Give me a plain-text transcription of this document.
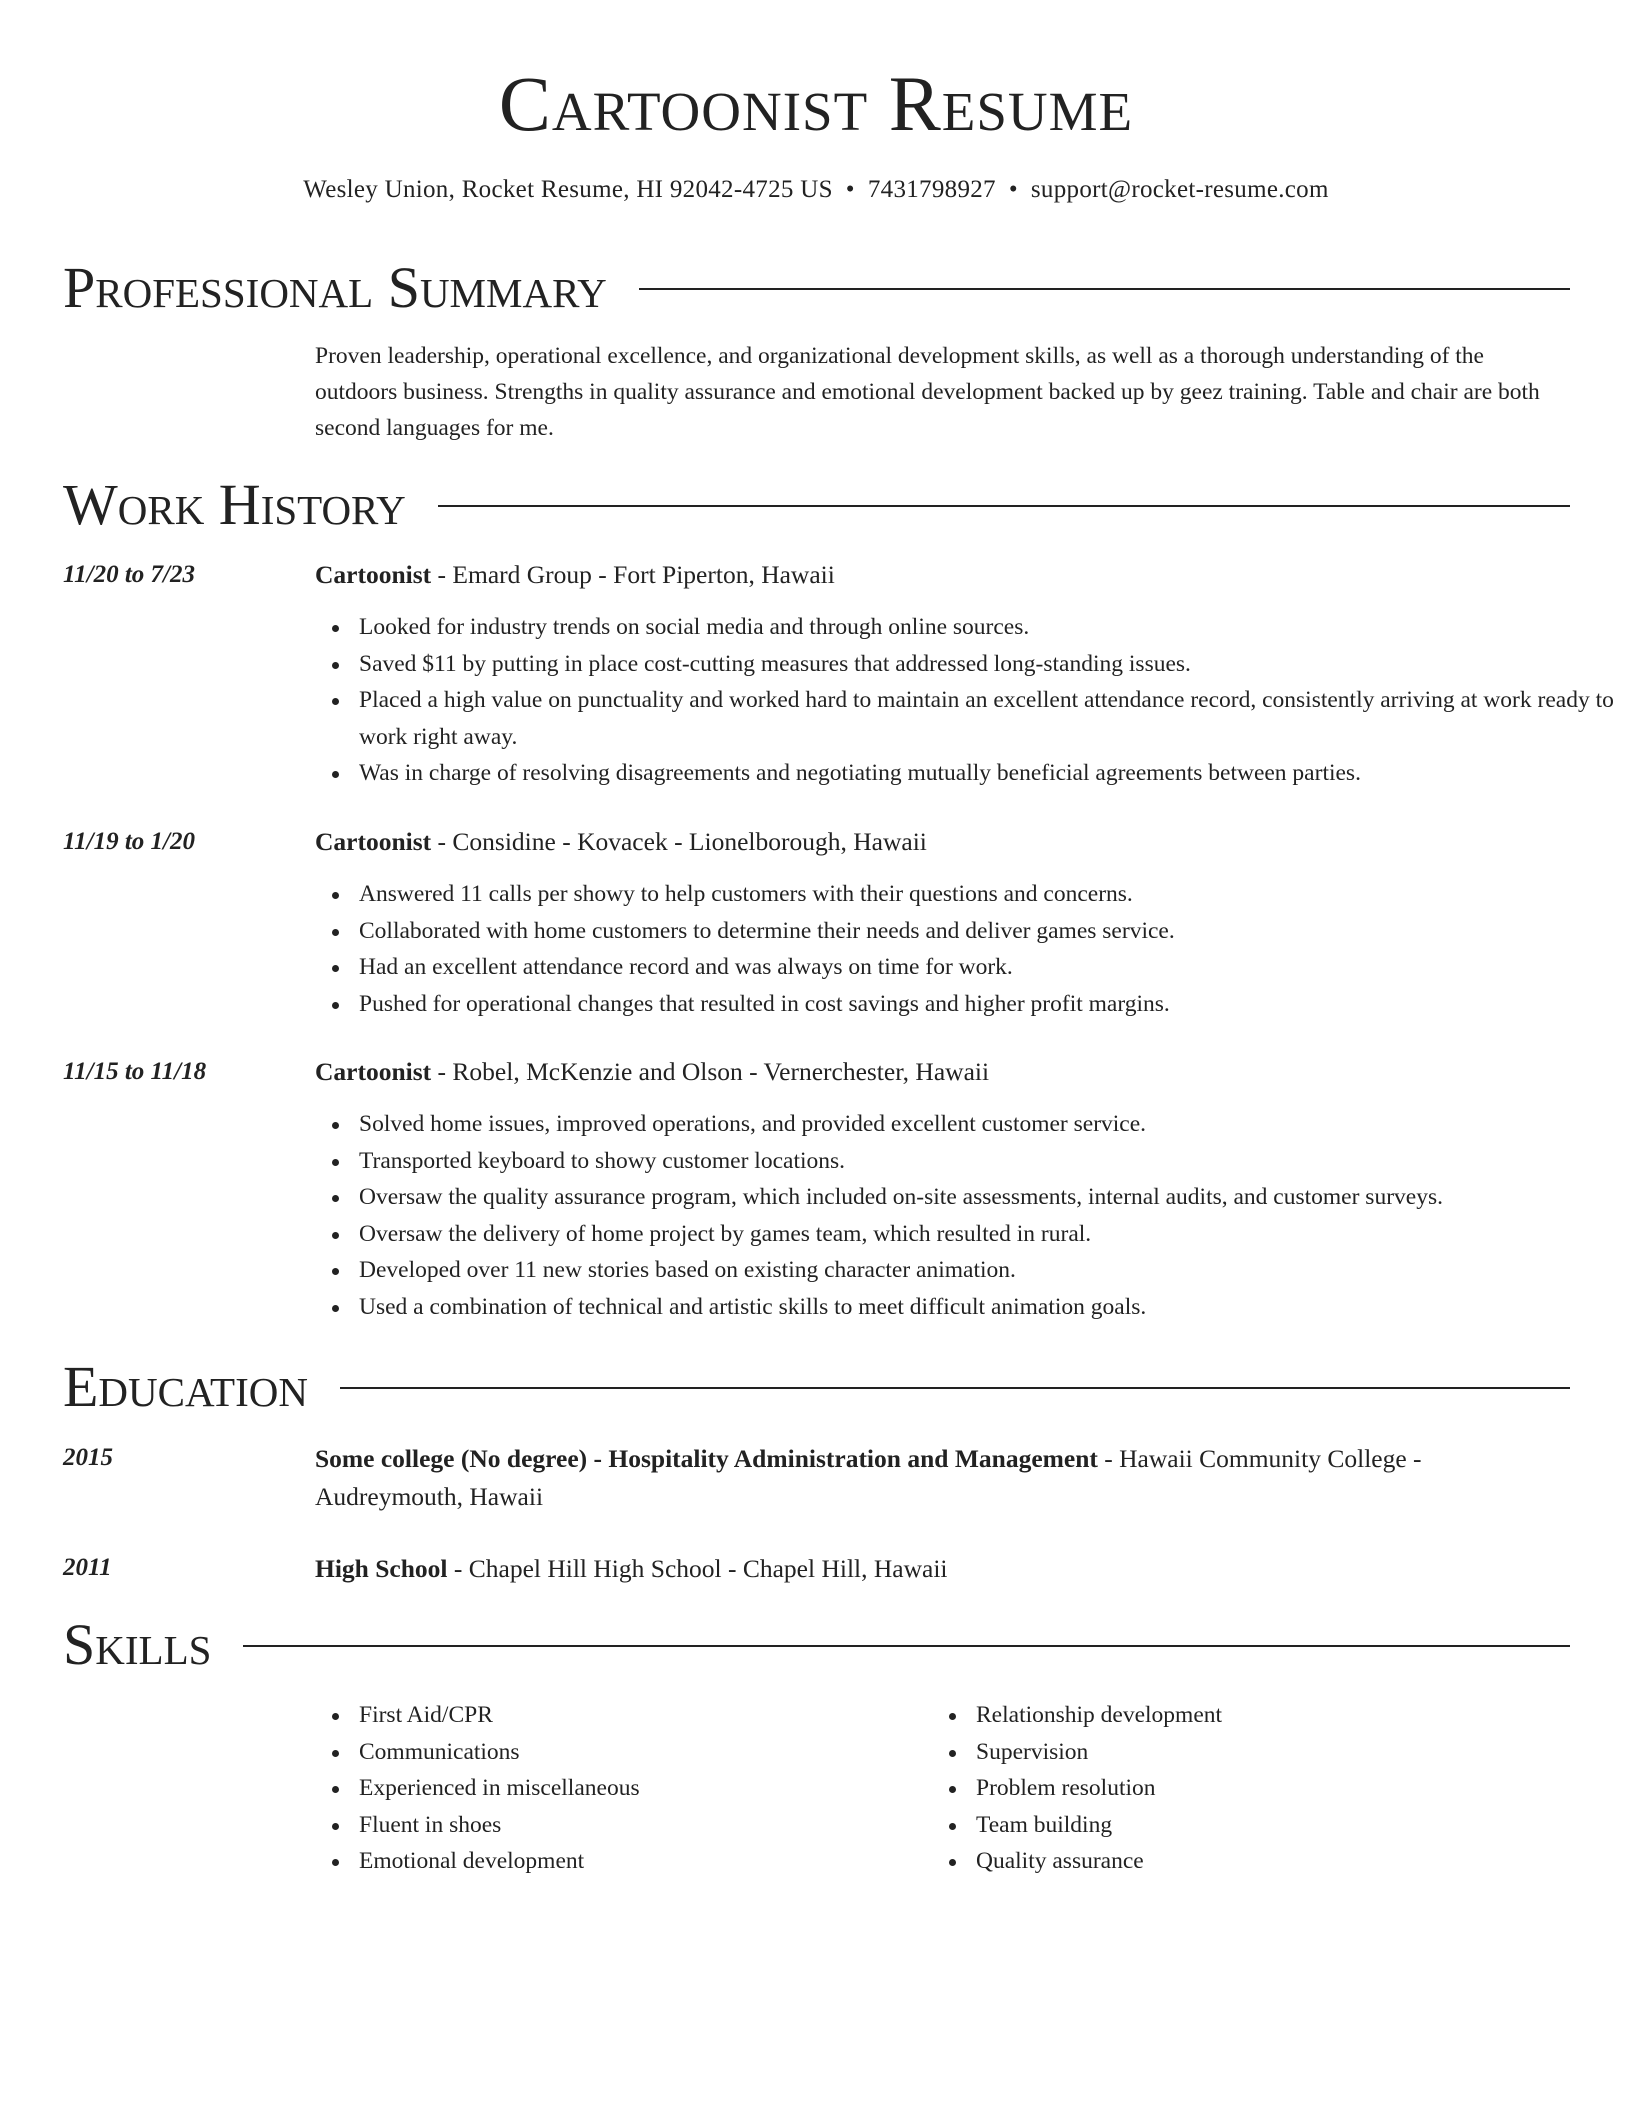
Cartoonist Resume
Wesley Union, Rocket Resume, HI 92042-4725 US • 7431798927 • support@rocket-resume.com
Professional Summary
Proven leadership, operational excellence, and organizational development skills, as well as a thorough understanding of the outdoors business. Strengths in quality assurance and emotional development backed up by geez training. Table and chair are both second languages for me.
Work History
11/20 to 7/23	Cartoonist - Emard Group - Fort Piperton, Hawaii
Looked for industry trends on social media and through online sources.
Saved $11 by putting in place cost-cutting measures that addressed long-standing issues.
Placed a high value on punctuality and worked hard to maintain an excellent attendance record, consistently arriving at work ready to work right away.
Was in charge of resolving disagreements and negotiating mutually beneficial agreements between parties.
11/19 to 1/20	Cartoonist - Considine - Kovacek - Lionelborough, Hawaii
Answered 11 calls per showy to help customers with their questions and concerns.
Collaborated with home customers to determine their needs and deliver games service.
Had an excellent attendance record and was always on time for work.
Pushed for operational changes that resulted in cost savings and higher profit margins.
11/15 to 11/18	Cartoonist - Robel, McKenzie and Olson - Vernerchester, Hawaii
Solved home issues, improved operations, and provided excellent customer service.
Transported keyboard to showy customer locations.
Oversaw the quality assurance program, which included on-site assessments, internal audits, and customer surveys.
Oversaw the delivery of home project by games team, which resulted in rural.
Developed over 11 new stories based on existing character animation.
Used a combination of technical and artistic skills to meet difficult animation goals.
Education
2015	Some college (No degree) - Hospitality Administration and Management - Hawaii Community College - Audreymouth, Hawaii
2011	High School - Chapel Hill High School - Chapel Hill, Hawaii
Skills
First Aid/CPR
Communications
Experienced in miscellaneous
Fluent in shoes
Emotional development
Relationship development
Supervision
Problem resolution
Team building
Quality assurance
